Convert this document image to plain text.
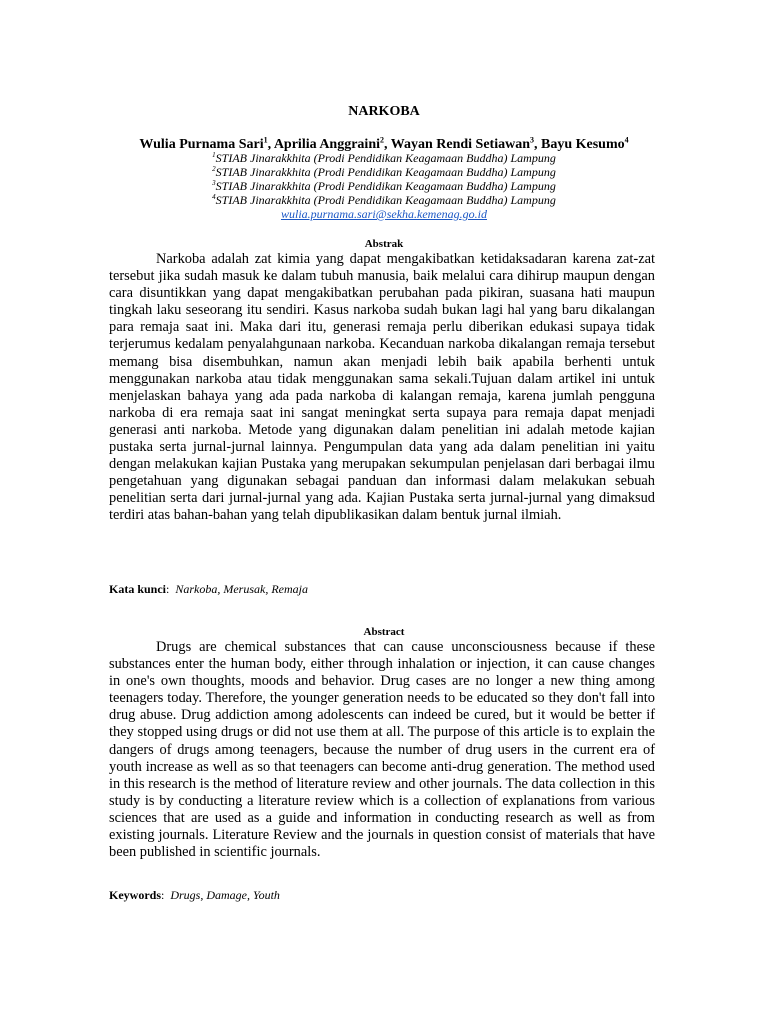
NARKOBA
Wulia Purnama Sari$^1$, Aprilia Anggraini$^2$, Wayan Rendi Setiawan$^3$, Bayu Kesumo$^4$
$^1$STIAB Jinarakkhita (Prodi Pendidikan Keagamaan Buddha) Lampung
$^2$STIAB Jinarakkhita (Prodi Pendidikan Keagamaan Buddha) Lampung
$^3$STIAB Jinarakkhita (Prodi Pendidikan Keagamaan Buddha) Lampung
$^4$STIAB Jinarakkhita (Prodi Pendidikan Keagamaan Buddha) Lampung
wulia.purnama.sari@sekha.kemenag.go.id
Abstrak

Narkoba adalah zat kimia yang dapat mengakibatkan ketidaksadaran karena zat-zat tersebut jika sudah masuk ke dalam tubuh manusia, baik melalui cara dihirup maupun dengan cara disuntikkan yang dapat mengakibatkan perubahan pada pikiran, suasana hati maupun tingkah laku seseorang itu sendiri. Kasus narkoba sudah bukan lagi hal yang baru dikalangan para remaja saat ini. Maka dari itu, generasi remaja perlu diberikan edukasi supaya tidak terjerumus kedalam penyalahgunaan narkoba. Kecanduan narkoba dikalangan remaja tersebut memang bisa disembuhkan, namun akan menjadi lebih baik apabila berhenti untuk menggunakan narkoba atau tidak menggunakan sama sekali.Tujuan dalam artikel ini untuk menjelaskan bahaya yang ada pada narkoba di kalangan remaja, karena jumlah pengguna narkoba di era remaja saat ini sangat meningkat serta supaya para remaja dapat menjadi generasi anti narkoba. Metode yang digunakan dalam penelitian ini adalah metode kajian pustaka serta jurnal-jurnal lainnya. Pengumpulan data yang ada dalam penelitian ini yaitu dengan melakukan kajian Pustaka yang merupakan sekumpulan penjelasan dari berbagai ilmu pengetahuan yang digunakan sebagai panduan dan informasi dalam melakukan sebuah penelitian serta dari jurnal-jurnal yang ada. Kajian Pustaka serta jurnal-jurnal yang dimaksud terdiri atas bahan-bahan yang telah dipublikasikan dalam bentuk jurnal ilmiah.

Kata kunci:  Narkoba, Merusak, Remaja
Abstract

Drugs are chemical substances that can cause unconsciousness because if these substances enter the human body, either through inhalation or injection, it can cause changes in one's own thoughts, moods and behavior. Drug cases are no longer a new thing among teenagers today. Therefore, the younger generation needs to be educated so they don't fall into drug abuse. Drug addiction among adolescents can indeed be cured, but it would be better if they stopped using drugs or did not use them at all. The purpose of this article is to explain the dangers of drugs among teenagers, because the number of drug users in the current era of youth increase as well as so that teenagers can become anti-drug generation. The method used in this research is the method of literature review and other journals. The data collection in this study is by conducting a literature review which is a collection of explanations from various sciences that are used as a guide and information in conducting research as well as from existing journals. Literature Review and the journals in question consist of materials that have been published in scientific journals.

Keywords:  Drugs, Damage, Youth
